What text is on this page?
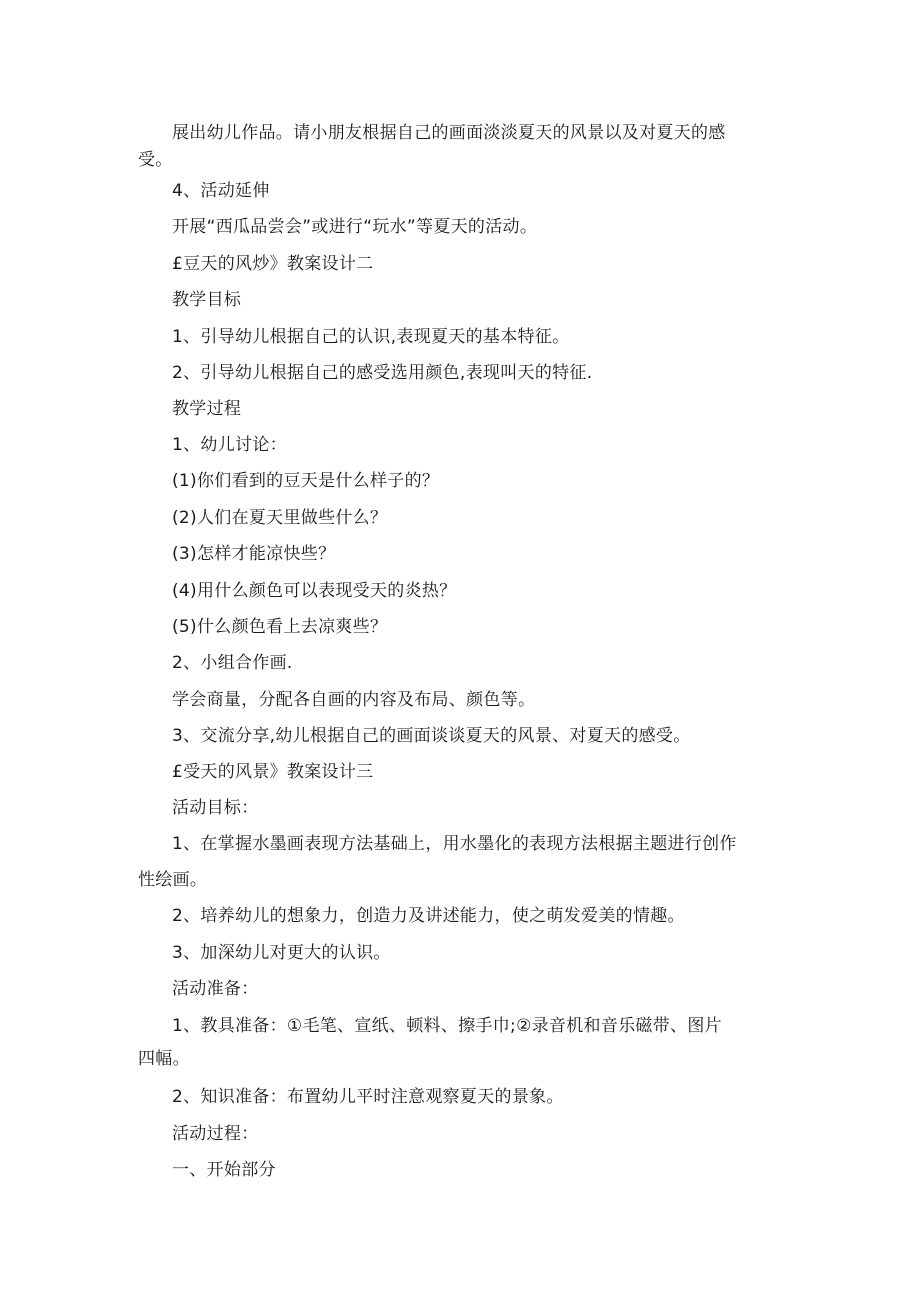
展出幼儿作品。请小朋友根据自己的画面淡淡夏天的风景以及对夏天的感
受。
4、活动延伸
开展“西瓜品尝会”或进行“玩水”等夏天的活动。
£豆天的风炒》教案设计二
教学目标
1、引导幼儿根据自己的认识,表现夏天的基本特征。
2、引导幼儿根据自己的感受选用颜色,表现叫天的特征.
教学过程
1、幼儿讨论：
(1)你们看到的豆天是什么样子的？
(2)人们在夏天里做些什么？
(3)怎样才能凉快些？
(4)用什么颜色可以表现受天的炎热？
(5)什么颜色看上去凉爽些？
2、小组合作画.
学会商量，分配各自画的内容及布局、颜色等。
3、交流分享,幼儿根据自己的画面谈谈夏天的风景、对夏天的感受。
£受天的风景》教案设计三
活动目标：
1、在掌握水墨画表现方法基础上，用水墨化的表现方法根据主题进行创作
性绘画。
2、培养幼儿的想象力，创造力及讲述能力，使之萌发爱美的情趣。
3、加深幼儿对更大的认识。
活动准备：
1、教具准备：①毛笔、宣纸、顿料、擦手巾;②录音机和音乐磁带、图片
四幅。
2、知识准备：布置幼儿平时注意观察夏天的景象。
活动过程：
一、开始部分
